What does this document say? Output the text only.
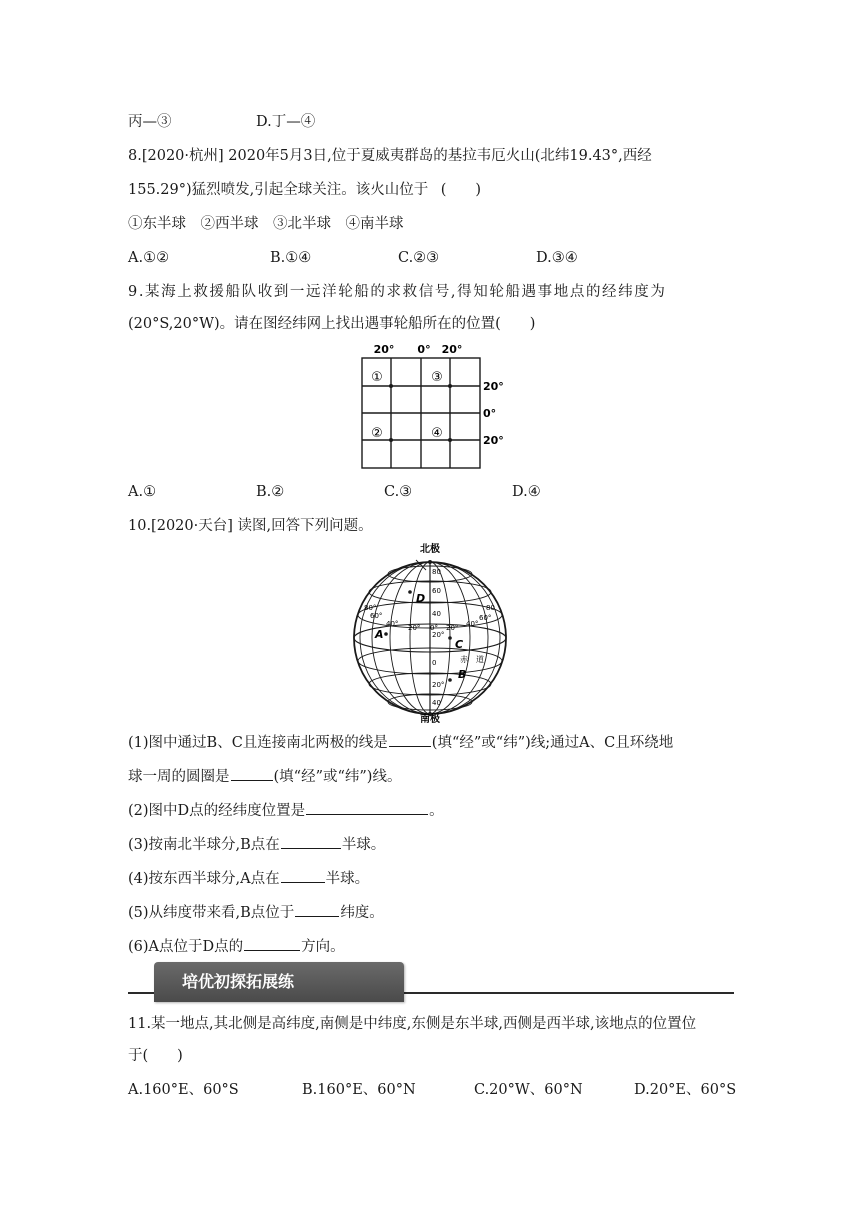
丙—③	D.丁—④
8.[2020·杭州] 2020年5月3日,位于夏威夷群岛的基拉韦厄火山(北纬19.43°,西经
155.29°)猛烈喷发,引起全球关注。该火山位于 (　　)
①东半球　②西半球　③北半球　④南半球
A.①②	B.①④	C.②③	D.③④
9.某海上救援船队收到一远洋轮船的求救信号,得知轮船遇事地点的经纬度为
(20°S,20°W)。请在图经纬网上找出遇事轮船所在的位置(　　)
20° 0° 20°
①	③
②	④
20°
0°
20°
A.①	B.②	C.③	D.④
10.[2020·天台] 读图,回答下列问题。
北极
80
60
40
20°
0
20°
40
80°
60°
40° 20° 0° 20° 40°
60°
80
A
B
C
D
赤　道
南极
(1)图中通过B、C且连接南北两极的线是	(填“经”或“纬”)线;通过A、C且环绕地
球一周的圆圈是	(填“经”或“纬”)线。
(2)图中D点的经纬度位置是	。
(3)按南北半球分,B点在	半球。
(4)按东西半球分,A点在	半球。
(5)从纬度带来看,B点位于	纬度。
(6)A点位于D点的	方向。
培优初探拓展练
11.某一地点,其北侧是高纬度,南侧是中纬度,东侧是东半球,西侧是西半球,该地点的位置位
于(　　)
A.160°E、60°S	B.160°E、60°N	C.20°W、60°N	D.20°E、60°S
